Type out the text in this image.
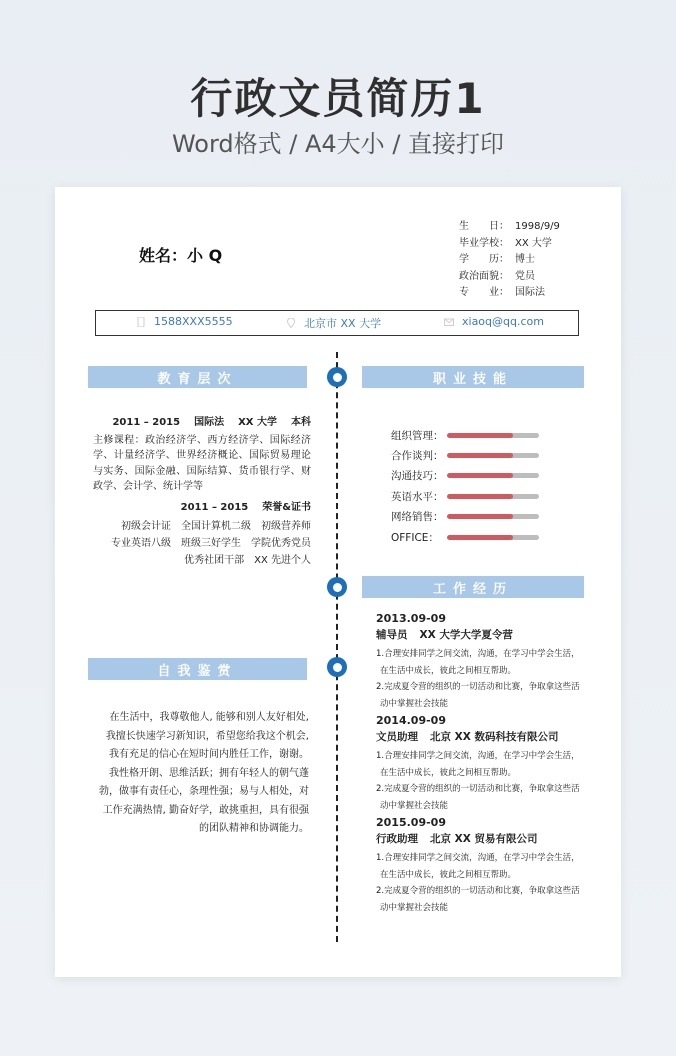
行政文员简历1
Word格式 / A4大小 / 直接打印
姓名：小 Q
生　　日： 1998/9/9
毕业学校： XX 大学
学　　历： 博士
政治面貌： 党员
专　　业： 国际法
1588XXX5555	北京市 XX 大学	xiaoq@qq.com
教育层次	职业技能
工作经历
自我鉴赏
2011 – 2015 国际法 XX 大学 本科
主修课程：政治经济学、西方经济学、国际经济学、计量经济学、世界经济概论、国际贸易理论与实务、国际金融、国际结算、货币银行学、财政学、会计学、统计学等
2011 – 2015 荣誉&证书
初级会计证 全国计算机二级 初级营养师
专业英语八级 班级三好学生 学院优秀党员
优秀社团干部 XX 先进个人
在生活中，我尊敬他人, 能够和别人友好相处,
我擅长快速学习新知识，希望您给我这个机会,
我有充足的信心在短时间内胜任工作，谢谢。
我性格开朗、思维活跃；拥有年轻人的朝气蓬
勃，做事有责任心，条理性强；易与人相处，对
工作充满热情, 勤奋好学，敢挑重担，具有很强
的团队精神和协调能力。
组织管理：
合作谈判：
沟通技巧：
英语水平：
网络销售：
OFFICE：
2013.09-09
辅导员 XX 大学大学夏令营
1.合理安排同学之间交流，沟通，在学习中学会生活，
在生活中成长，彼此之间相互帮助。
2.完成夏令营的组织的一切活动和比赛，争取拿这些活
动中掌握社会技能
2014.09-09
文员助理 北京 XX 数码科技有限公司
1.合理安排同学之间交流，沟通，在学习中学会生活，
在生活中成长，彼此之间相互帮助。
2.完成夏令营的组织的一切活动和比赛，争取拿这些活
动中掌握社会技能
2015.09-09
行政助理 北京 XX 贸易有限公司
1.合理安排同学之间交流，沟通，在学习中学会生活，
在生活中成长，彼此之间相互帮助。
2.完成夏令营的组织的一切活动和比赛，争取拿这些活
动中掌握社会技能
